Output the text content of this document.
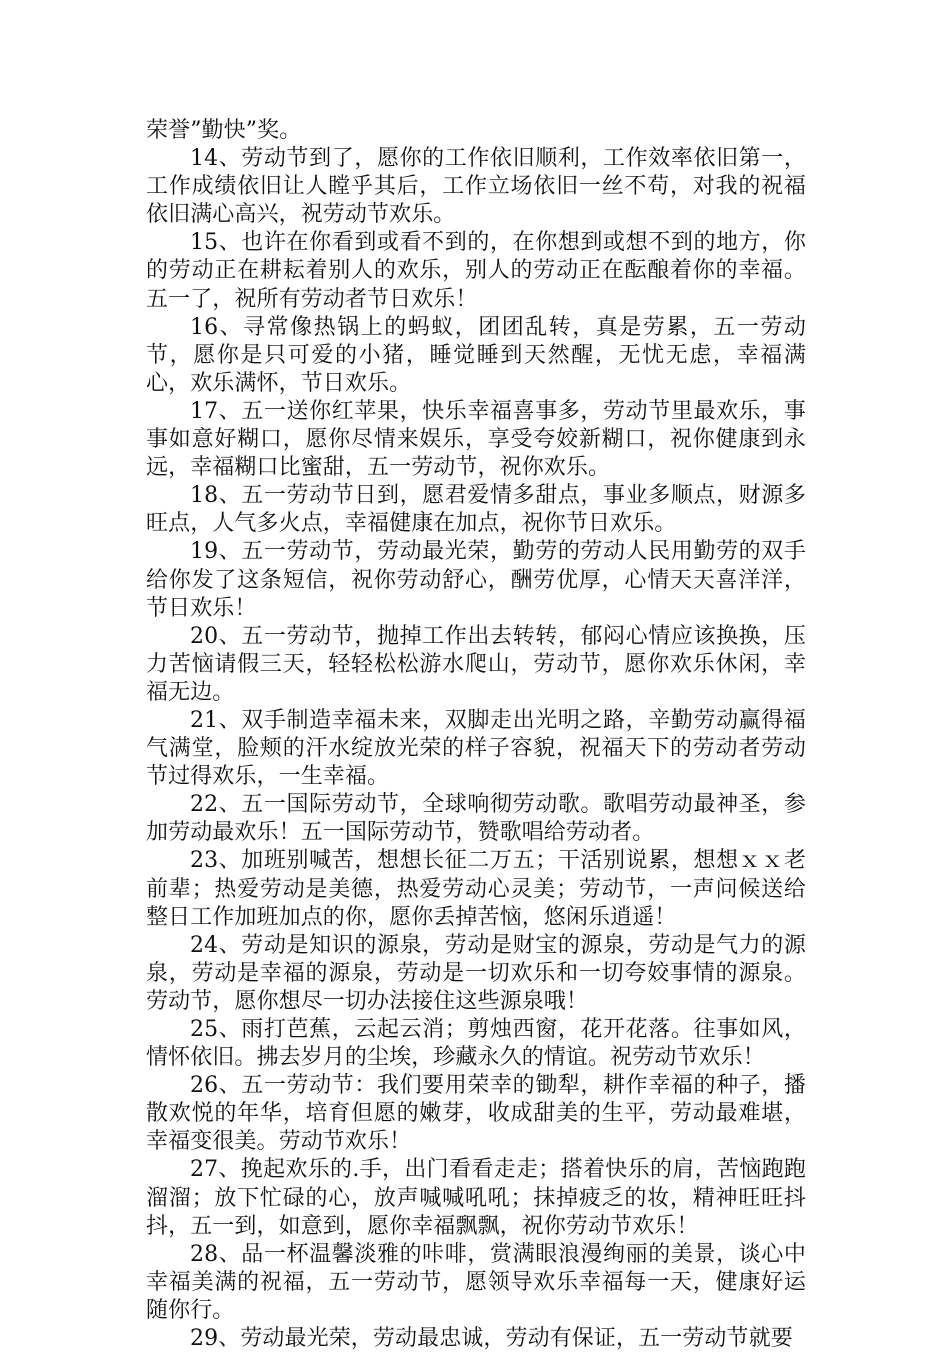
荣誉”勤快”奖。

14、劳动节到了，愿你的工作依旧顺利，工作效率依旧第一，工作成绩依旧让人瞠乎其后，工作立场依旧一丝不苟，对我的祝福依旧满心高兴，祝劳动节欢乐。

15、也许在你看到或看不到的，在你想到或想不到的地方，你的劳动正在耕耘着别人的欢乐，别人的劳动正在酝酿着你的幸福。五一了，祝所有劳动者节日欢乐！

16、寻常像热锅上的蚂蚁，团团乱转，真是劳累，五一劳动节，愿你是只可爱的小猪，睡觉睡到天然醒，无忧无虑，幸福满心，欢乐满怀，节日欢乐。

17、五一送你红苹果，快乐幸福喜事多，劳动节里最欢乐，事事如意好糊口，愿你尽情来娱乐，享受夸姣新糊口，祝你健康到永远，幸福糊口比蜜甜，五一劳动节，祝你欢乐。

18、五一劳动节日到，愿君爱情多甜点，事业多顺点，财源多旺点，人气多火点，幸福健康在加点，祝你节日欢乐。

19、五一劳动节，劳动最光荣，勤劳的劳动人民用勤劳的双手给你发了这条短信，祝你劳动舒心，酬劳优厚，心情天天喜洋洋，节日欢乐！

20、五一劳动节，抛掉工作出去转转，郁闷心情应该换换，压力苦恼请假三天，轻轻松松游水爬山，劳动节，愿你欢乐休闲，幸福无边。

21、双手制造幸福未来，双脚走出光明之路，辛勤劳动赢得福气满堂，脸颊的汗水绽放光荣的样子容貌，祝福天下的劳动者劳动节过得欢乐，一生幸福。

22、五一国际劳动节，全球响彻劳动歌。歌唱劳动最神圣，参加劳动最欢乐！五一国际劳动节，赞歌唱给劳动者。

23、加班别喊苦，想想长征二万五；干活别说累，想想ｘｘ老前辈；热爱劳动是美德，热爱劳动心灵美；劳动节，一声问候送给整日工作加班加点的你，愿你丢掉苦恼，悠闲乐逍遥！

24、劳动是知识的源泉，劳动是财宝的源泉，劳动是气力的源泉，劳动是幸福的源泉，劳动是一切欢乐和一切夸姣事情的源泉。劳动节，愿你想尽一切办法接住这些源泉哦！

25、雨打芭蕉，云起云消；剪烛西窗，花开花落。往事如风，情怀依旧。拂去岁月的尘埃，珍藏永久的情谊。祝劳动节欢乐！

26、五一劳动节：我们要用荣幸的锄犁，耕作幸福的种子，播散欢悦的年华，培育但愿的嫩芽，收成甜美的生平，劳动最难堪，幸福变很美。劳动节欢乐！

27、挽起欢乐的.手，出门看看走走；搭着快乐的肩，苦恼跑跑溜溜；放下忙碌的心，放声喊喊吼吼；抹掉疲乏的妆，精神旺旺抖抖，五一到，如意到，愿你幸福飘飘，祝你劳动节欢乐！

28、品一杯温馨淡雅的咔啡，赏满眼浪漫绚丽的美景，谈心中幸福美满的祝福，五一劳动节，愿领导欢乐幸福每一天，健康好运随你行。

29、劳动最光荣，劳动最忠诚，劳动有保证，五一劳动节就要
